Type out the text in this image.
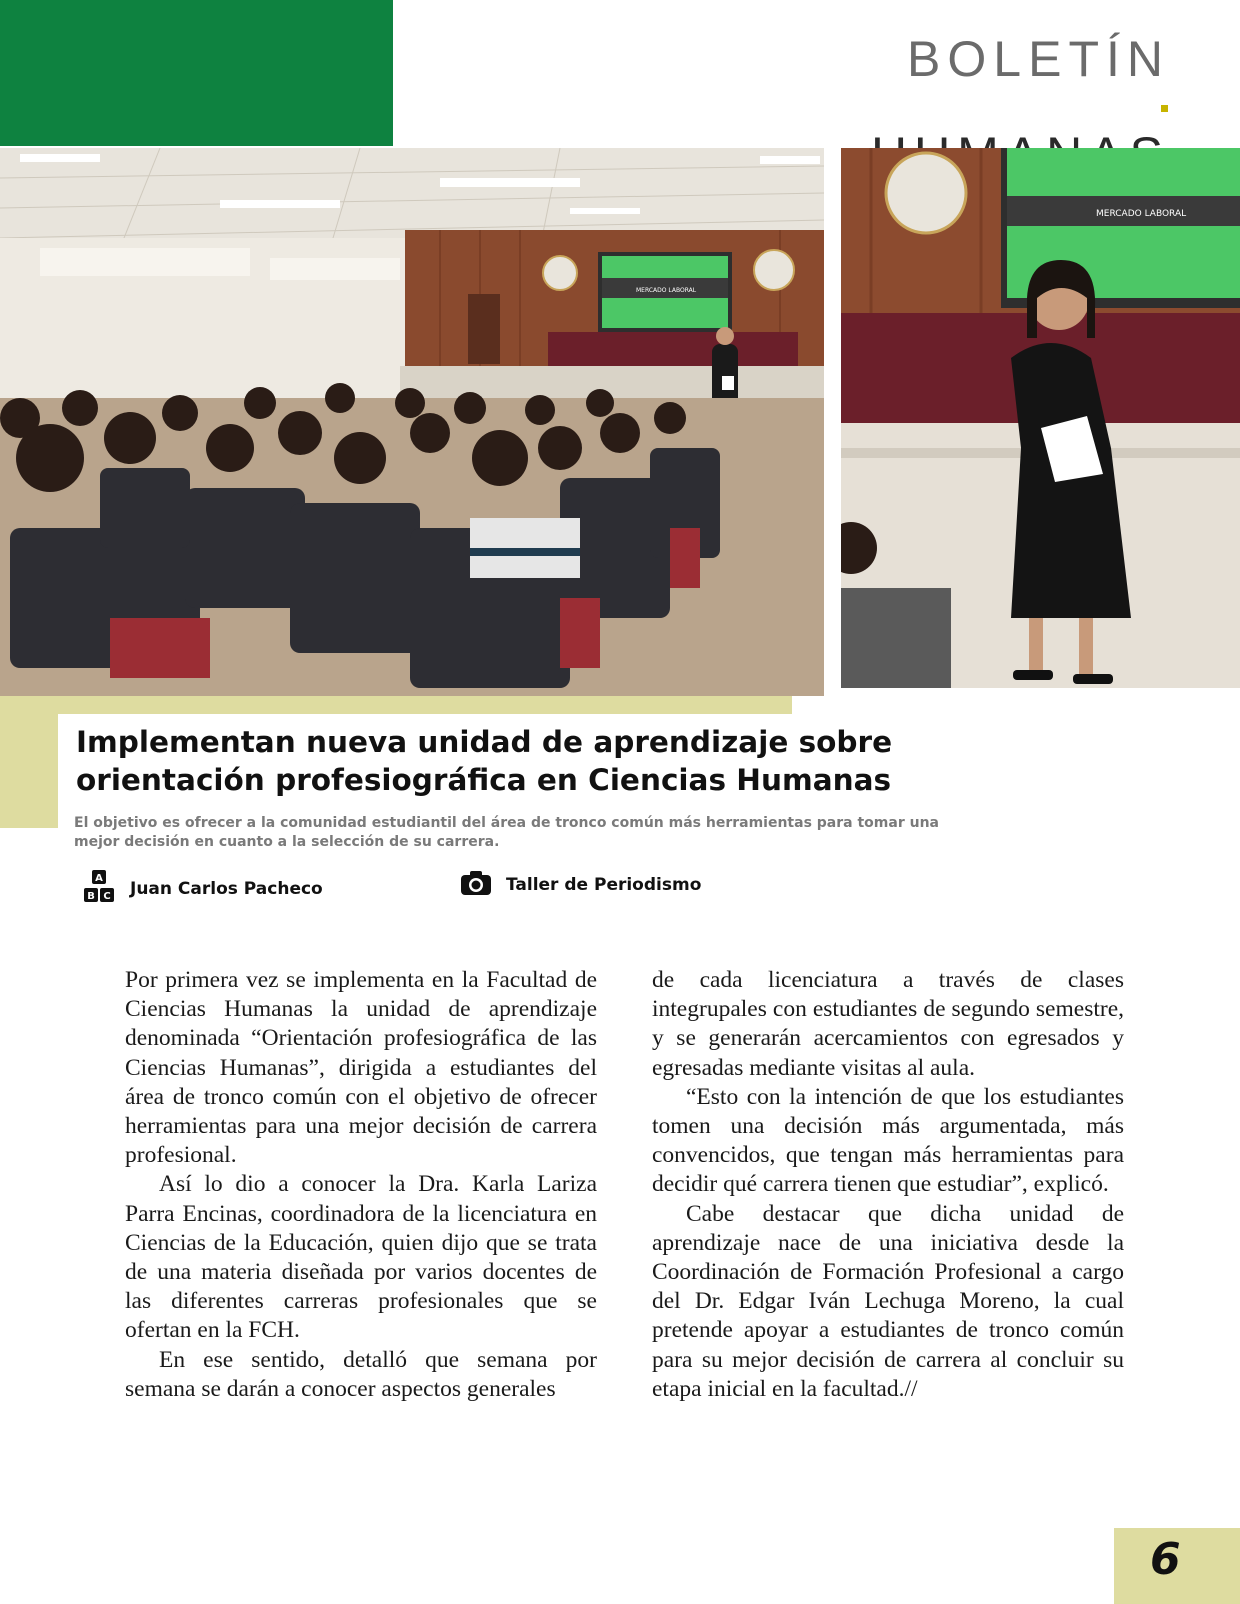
BOLETÍN
MERCADO LABORAL
MERCADO LABORAL
Implementan nueva unidad de aprendizaje sobre orientación profesiográfica en Ciencias Humanas

El objetivo es ofrecer a la comunidad estudiantil del área de tronco común más herramientas para tomar una mejor decisión en cuanto a la selección de su carrera.

A
B C Juan Carlos Pacheco	Taller de Periodismo

Por primera vez se implementa en la Facultad de Ciencias Humanas la unidad de aprendizaje denominada “Orientación profesiográfica de las Ciencias Humanas”, dirigida a estudiantes del área de tronco común con el objetivo de ofrecer herramientas para una mejor decisión de carrera profesional.

Así lo dio a conocer la Dra. Karla Lariza Parra Encinas, coordinadora de la licenciatura en Ciencias de la Educación, quien dijo que se trata de una materia diseñada por varios docentes de las diferentes carreras profesionales que se ofertan en la FCH.

En ese sentido, detalló que semana por semana se darán a conocer aspectos generales

de cada licenciatura a través de clases integrupales con estudiantes de segundo semestre, y se generarán acercamientos con egresados y egresadas mediante visitas al aula.

“Esto con la intención de que los estudiantes tomen una decisión más argumentada, más convencidos, que tengan más herramientas para decidir qué carrera tienen que estudiar”, explicó.

Cabe destacar que dicha unidad de aprendizaje nace de una iniciativa desde la Coordinación de Formación Profesional a cargo del Dr. Edgar Iván Lechuga Moreno, la cual pretende apoyar a estudiantes de tronco común para su mejor decisión de carrera al concluir su etapa inicial en la facultad.//

6
